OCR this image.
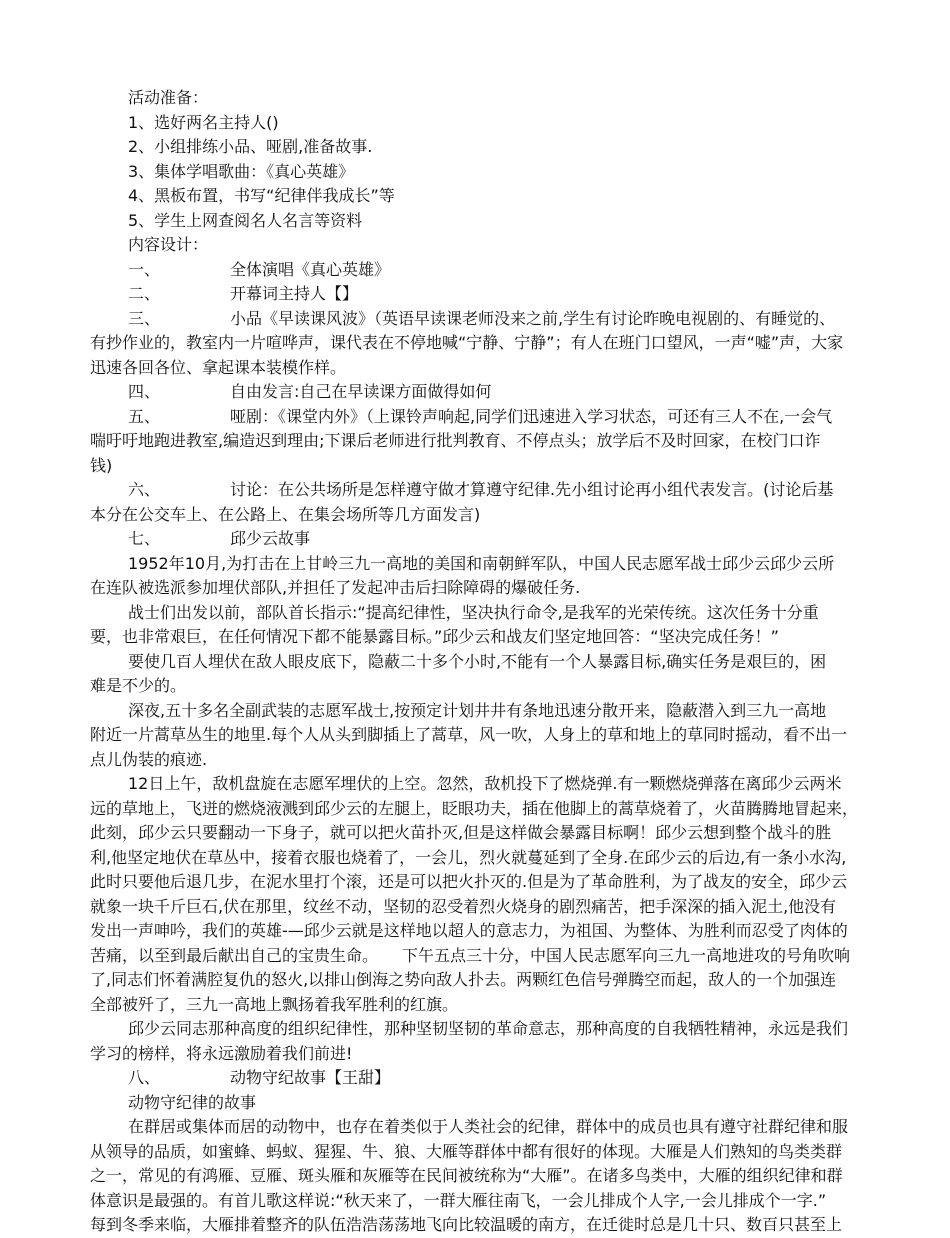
活动准备：
1、选好两名主持人()
2、小组排练小品、哑剧,准备故事.
3、集体学唱歌曲：《真心英雄》
4、黑板布置，书写“纪律伴我成长”等
5、学生上网查阅名人名言等资料
内容设计：
一、	全体演唱《真心英雄》
二、	开幕词主持人【】
三、	小品《早读课风波》（英语早读课老师没来之前,学生有讨论昨晚电视剧的、有睡觉的、
有抄作业的，教室内一片喧哗声，课代表在不停地喊“宁静、宁静”；有人在班门口望风，一声“嘘”声，大家
迅速各回各位、拿起课本装模作样。
四、	自由发言:自己在早读课方面做得如何
五、	哑剧：《课堂内外》（上课铃声响起,同学们迅速进入学习状态，可还有三人不在,一会气
喘吁吁地跑进教室,编造迟到理由;下课后老师进行批判教育、不停点头；放学后不及时回家，在校门口诈
钱)
六、	讨论：在公共场所是怎样遵守做才算遵守纪律.先小组讨论再小组代表发言。(讨论后基
本分在公交车上、在公路上、在集会场所等几方面发言)
七、	邱少云故事
1952年10月,为打击在上甘岭三九一高地的美国和南朝鲜军队，中国人民志愿军战士邱少云邱少云所
在连队被选派参加埋伏部队,并担任了发起冲击后扫除障碍的爆破任务.
战士们出发以前，部队首长指示:“提高纪律性，坚决执行命令,是我军的光荣传统。这次任务十分重
要，也非常艰巨，在任何情况下都不能暴露目标。”邱少云和战友们坚定地回答：“坚决完成任务！”
要使几百人埋伏在敌人眼皮底下，隐蔽二十多个小时,不能有一个人暴露目标,确实任务是艰巨的，困
难是不少的。
深夜,五十多名全副武装的志愿军战士,按预定计划井井有条地迅速分散开来，隐蔽潜入到三九一高地
附近一片蒿草丛生的地里.每个人从头到脚插上了蒿草，风一吹，人身上的草和地上的草同时摇动，看不出一
点儿伪装的痕迹.
12日上午，敌机盘旋在志愿军埋伏的上空。忽然，敌机投下了燃烧弹.有一颗燃烧弹落在离邱少云两米
远的草地上，飞迸的燃烧液溅到邱少云的左腿上，眨眼功夫，插在他脚上的蒿草烧着了，火苗腾腾地冒起来，
此刻，邱少云只要翻动一下身子，就可以把火苗扑灭,但是这样做会暴露目标啊！邱少云想到整个战斗的胜
利,他坚定地伏在草丛中，接着衣服也烧着了，一会儿，烈火就蔓延到了全身.在邱少云的后边,有一条小水沟,
此时只要他后退几步，在泥水里打个滚，还是可以把火扑灭的.但是为了革命胜利，为了战友的安全，邱少云
就象一块千斤巨石,伏在那里，纹丝不动，坚韧的忍受着烈火烧身的剧烈痛苦，把手深深的插入泥土,他没有
发出一声呻吟，我们的英雄-—邱少云就是这样地以超人的意志力，为祖国、为整体、为胜利而忍受了肉体的
苦痛，以至到最后献出自己的宝贵生命。　　下午五点三十分，中国人民志愿军向三九一高地进攻的号角吹响
了,同志们怀着满腔复仇的怒火,以排山倒海之势向敌人扑去。两颗红色信号弹腾空而起，敌人的一个加强连
全部被歼了，三九一高地上飘扬着我军胜利的红旗。
邱少云同志那种高度的组织纪律性，那种坚韧坚韧的革命意志，那种高度的自我牺牲精神，永远是我们
学习的榜样，将永远激励着我们前进!
八、	动物守纪故事【王甜】
动物守纪律的故事
在群居或集体而居的动物中，也存在着类似于人类社会的纪律，群体中的成员也具有遵守社群纪律和服
从领导的品质，如蜜蜂、蚂蚁、猩猩、牛、狼、大雁等群体中都有很好的体现。大雁是人们熟知的鸟类类群
之一，常见的有鸿雁、豆雁、斑头雁和灰雁等在民间被统称为“大雁”。在诸多鸟类中，大雁的组织纪律和群
体意识是最强的。有首儿歌这样说:“秋天来了，一群大雁往南飞，一会儿排成个人字,一会儿排成个一字.”
每到冬季来临，大雁排着整齐的队伍浩浩荡荡地飞向比较温暖的南方，在迁徙时总是几十只、数百只甚至上
